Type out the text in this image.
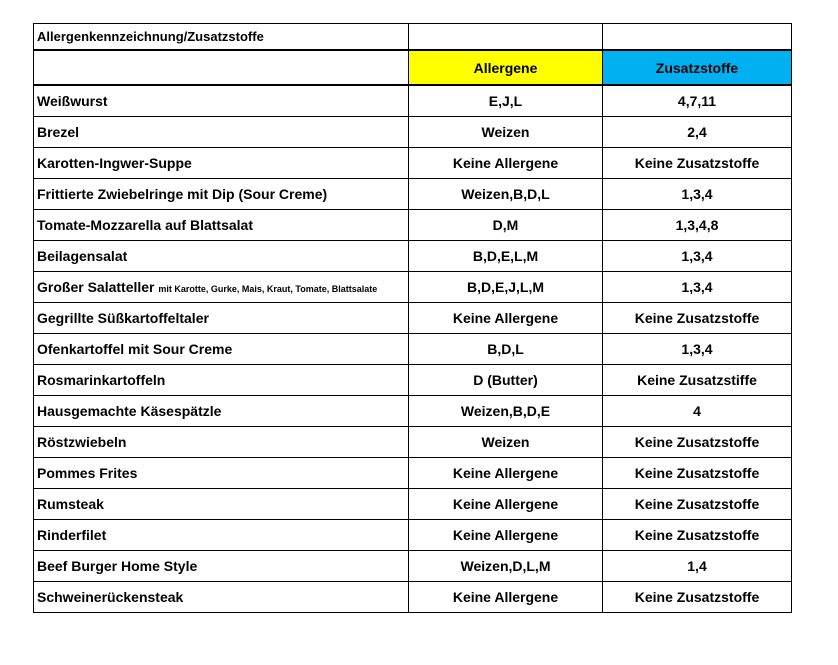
Allergenkennzeichnung/Zusatzstoffe		
	Allergene	Zusatzstoffe
Weißwurst	E,J,L	4,7,11
Brezel	Weizen	2,4
Karotten-Ingwer-Suppe	Keine Allergene	Keine Zusatzstoffe
Frittierte Zwiebelringe mit Dip (Sour Creme)	Weizen,B,D,L	1,3,4
Tomate-Mozzarella auf Blattsalat	D,M	1,3,4,8
Beilagensalat	B,D,E,L,M	1,3,4
Großer Salatteller mit Karotte, Gurke, Mais, Kraut, Tomate, Blattsalate	B,D,E,J,L,M	1,3,4
Gegrillte Süßkartoffeltaler	Keine Allergene	Keine Zusatzstoffe
Ofenkartoffel mit Sour Creme	B,D,L	1,3,4
Rosmarinkartoffeln	D (Butter)	Keine Zusatzstiffe
Hausgemachte Käsespätzle	Weizen,B,D,E	4
Röstzwiebeln	Weizen	Keine Zusatzstoffe
Pommes Frites	Keine Allergene	Keine Zusatzstoffe
Rumsteak	Keine Allergene	Keine Zusatzstoffe
Rinderfilet	Keine Allergene	Keine Zusatzstoffe
Beef Burger Home Style	Weizen,D,L,M	1,4
Schweinerückensteak	Keine Allergene	Keine Zusatzstoffe
